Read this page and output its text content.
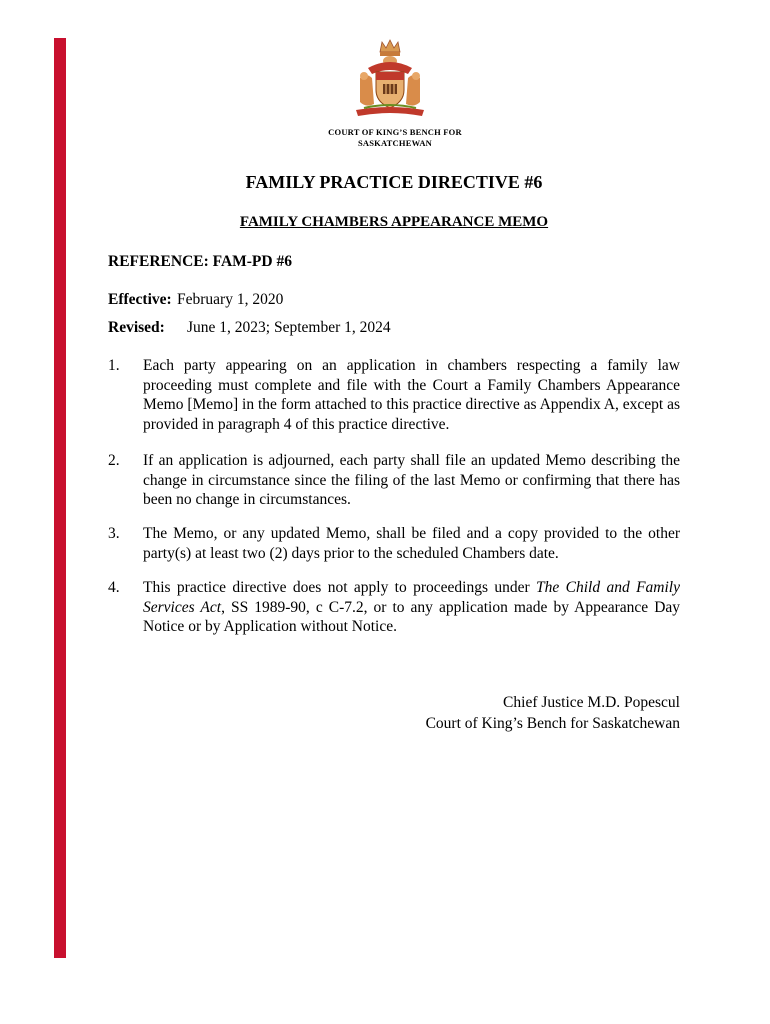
COURT OF KING’S BENCH FOR
SASKATCHEWAN
FAMILY PRACTICE DIRECTIVE #6
FAMILY CHAMBERS APPEARANCE MEMO
REFERENCE: FAM-PD #6
Effective: February 1, 2020
Revised: June 1, 2023; September 1, 2024
1. Each party appearing on an application in chambers respecting a family law proceeding must complete and file with the Court a Family Chambers Appearance Memo [Memo] in the form attached to this practice directive as Appendix A, except as provided in paragraph 4 of this practice directive.
2. If an application is adjourned, each party shall file an updated Memo describing the change in circumstance since the filing of the last Memo or confirming that there has been no change in circumstances.
3. The Memo, or any updated Memo, shall be filed and a copy provided to the other party(s) at least two (2) days prior to the scheduled Chambers date.
4. This practice directive does not apply to proceedings under The Child and Family Services Act, SS 1989-90, c C-7.2, or to any application made by Appearance Day Notice or by Application without Notice.
Chief Justice M.D. Popescul
Court of King’s Bench for Saskatchewan
